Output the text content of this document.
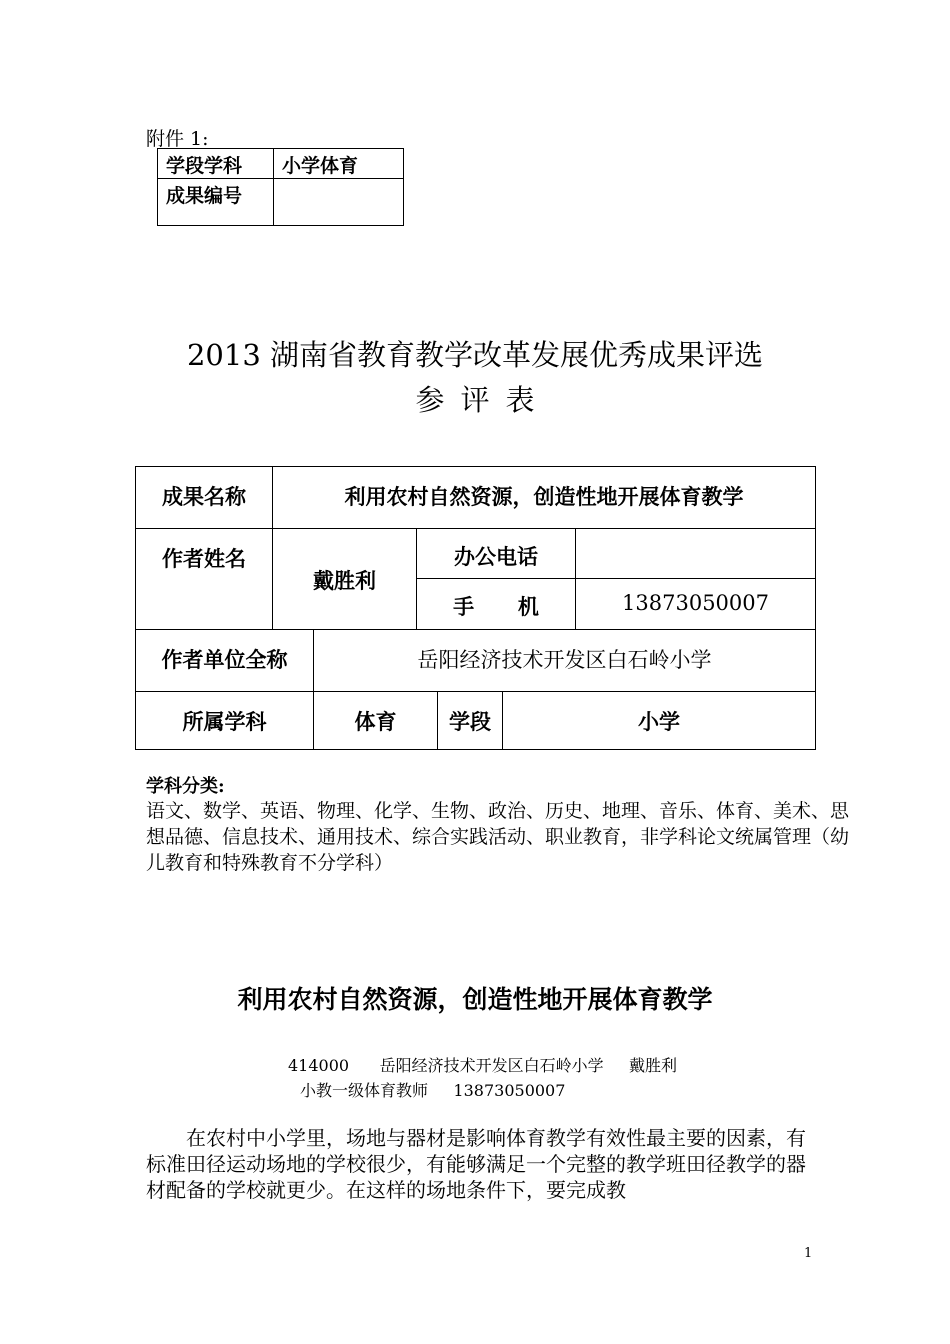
附件 1:
学段学科	小学体育
成果编号	
2013 湖南省教育教学改革发展优秀成果评选
参评表
成果名称	利用农村自然资源，创造性地开展体育教学					
作者姓名	戴胜利		办公电话			
			手      机			13873050007
作者单位全称		岳阳经济技术开发区白石岭小学				
所属学科		体育		学段	小学	
学科分类:
语文、数学、英语、物理、化学、生物、政治、历史、地理、音乐、体育、美术、思想品德、信息技术、通用技术、综合实践活动、职业教育，非学科论文统属管理（幼儿教育和特殊教育不分学科）
利用农村自然资源，创造性地开展体育教学
414000      岳阳经济技术开发区白石岭小学     戴胜利
小教一级体育教师     13873050007
在农村中小学里，场地与器材是影响体育教学有效性最主要的因素，有标准田径运动场地的学校很少，有能够满足一个完整的教学班田径教学的器材配备的学校就更少。在这样的场地条件下，要完成教
1
